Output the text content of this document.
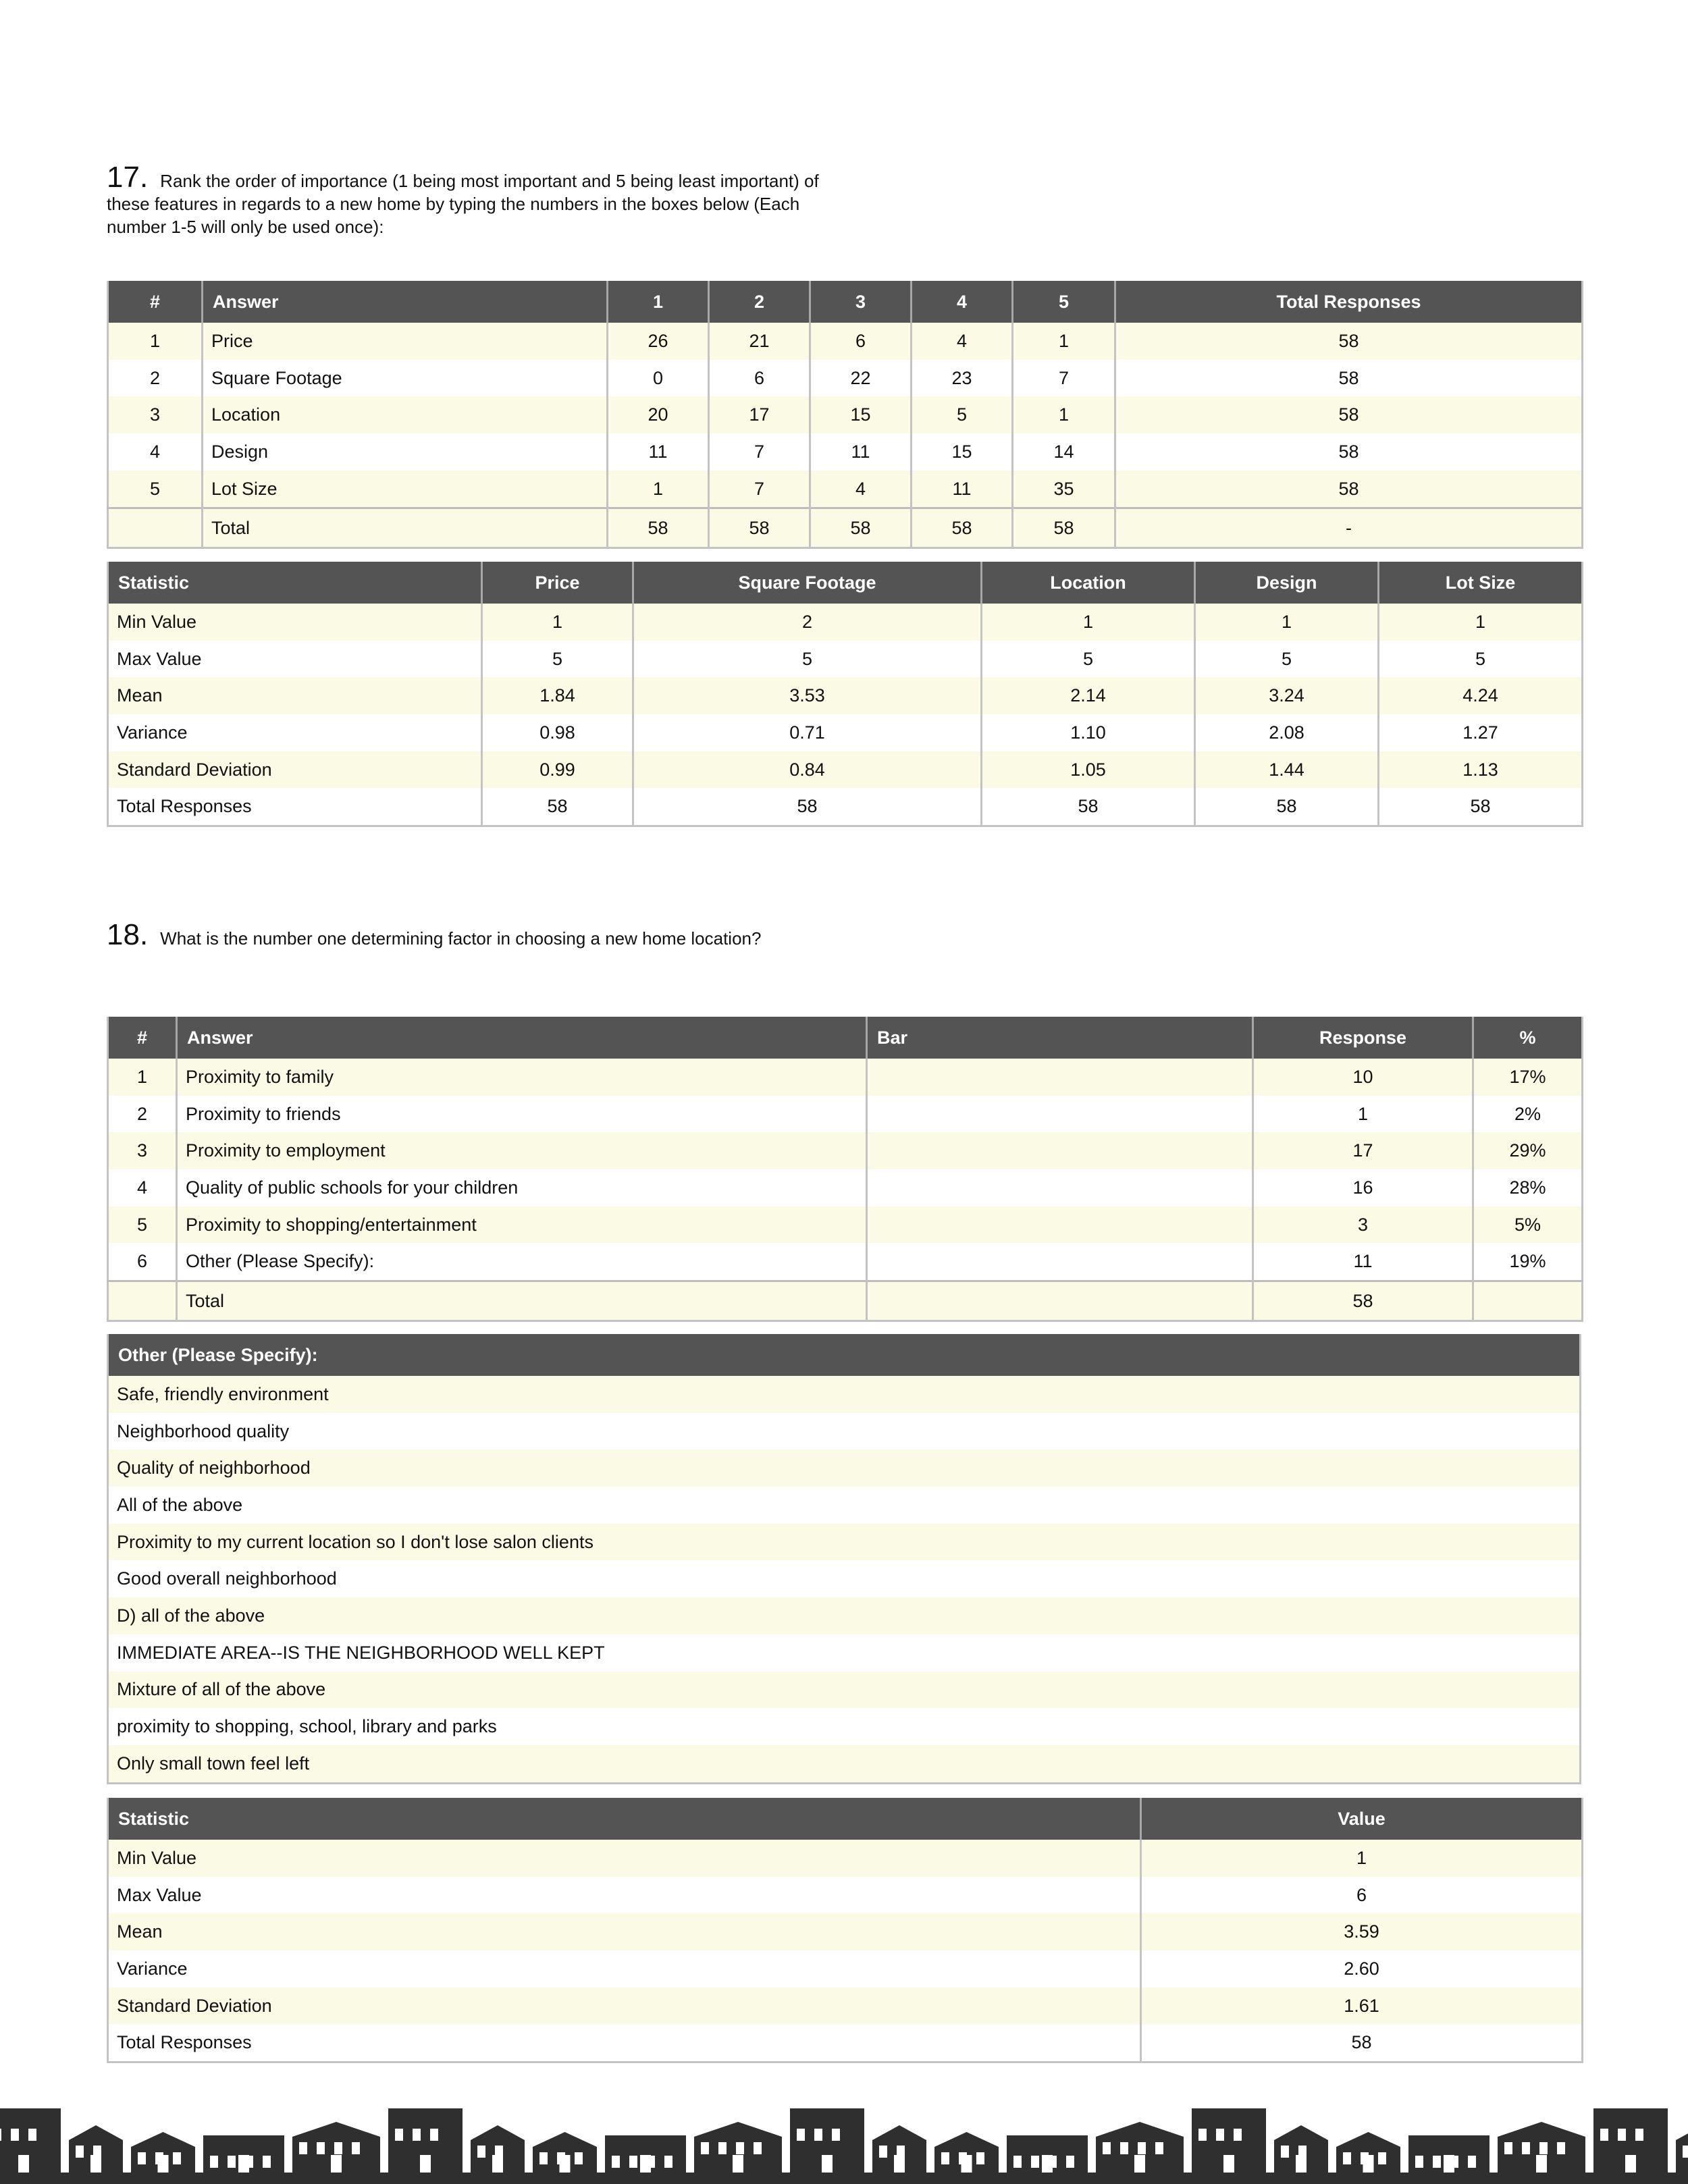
17. Rank the order of importance (1 being most important and 5 being least important) of these features in regards to a new home by typing the numbers in the boxes below (Each number 1-5 will only be used once):
#	Answer	1	2	3	4	5	Total Responses
1	Price	26	21	6	4	1	58
2	Square Footage	0	6	22	23	7	58
3	Location	20	17	15	5	1	58
4	Design	11	7	11	15	14	58
5	Lot Size	1	7	4	11	35	58
	Total	58	58	58	58	58	-
Statistic	Price	Square Footage	Location	Design	Lot Size
Min Value	1	2	1	1	1
Max Value	5	5	5	5	5
Mean	1.84	3.53	2.14	3.24	4.24
Variance	0.98	0.71	1.10	2.08	1.27
Standard Deviation	0.99	0.84	1.05	1.44	1.13
Total Responses	58	58	58	58	58
18. What is the number one determining factor in choosing a new home location?
#	Answer	Bar	Response	%
1	Proximity to family		10	17%
2	Proximity to friends		1	2%
3	Proximity to employment		17	29%
4	Quality of public schools for your children		16	28%
5	Proximity to shopping/entertainment		3	5%
6	Other (Please Specify):		11	19%
	Total		58	
Other (Please Specify):
Safe, friendly environment
Neighborhood quality
Quality of neighborhood
All of the above
Proximity to my current location so I don't lose salon clients
Good overall neighborhood
D) all of the above
IMMEDIATE AREA--IS THE NEIGHBORHOOD WELL KEPT
Mixture of all of the above
proximity to shopping, school, library and parks
Only small town feel left
Statistic	Value
Min Value	1
Max Value	6
Mean	3.59
Variance	2.60
Standard Deviation	1.61
Total Responses	58
